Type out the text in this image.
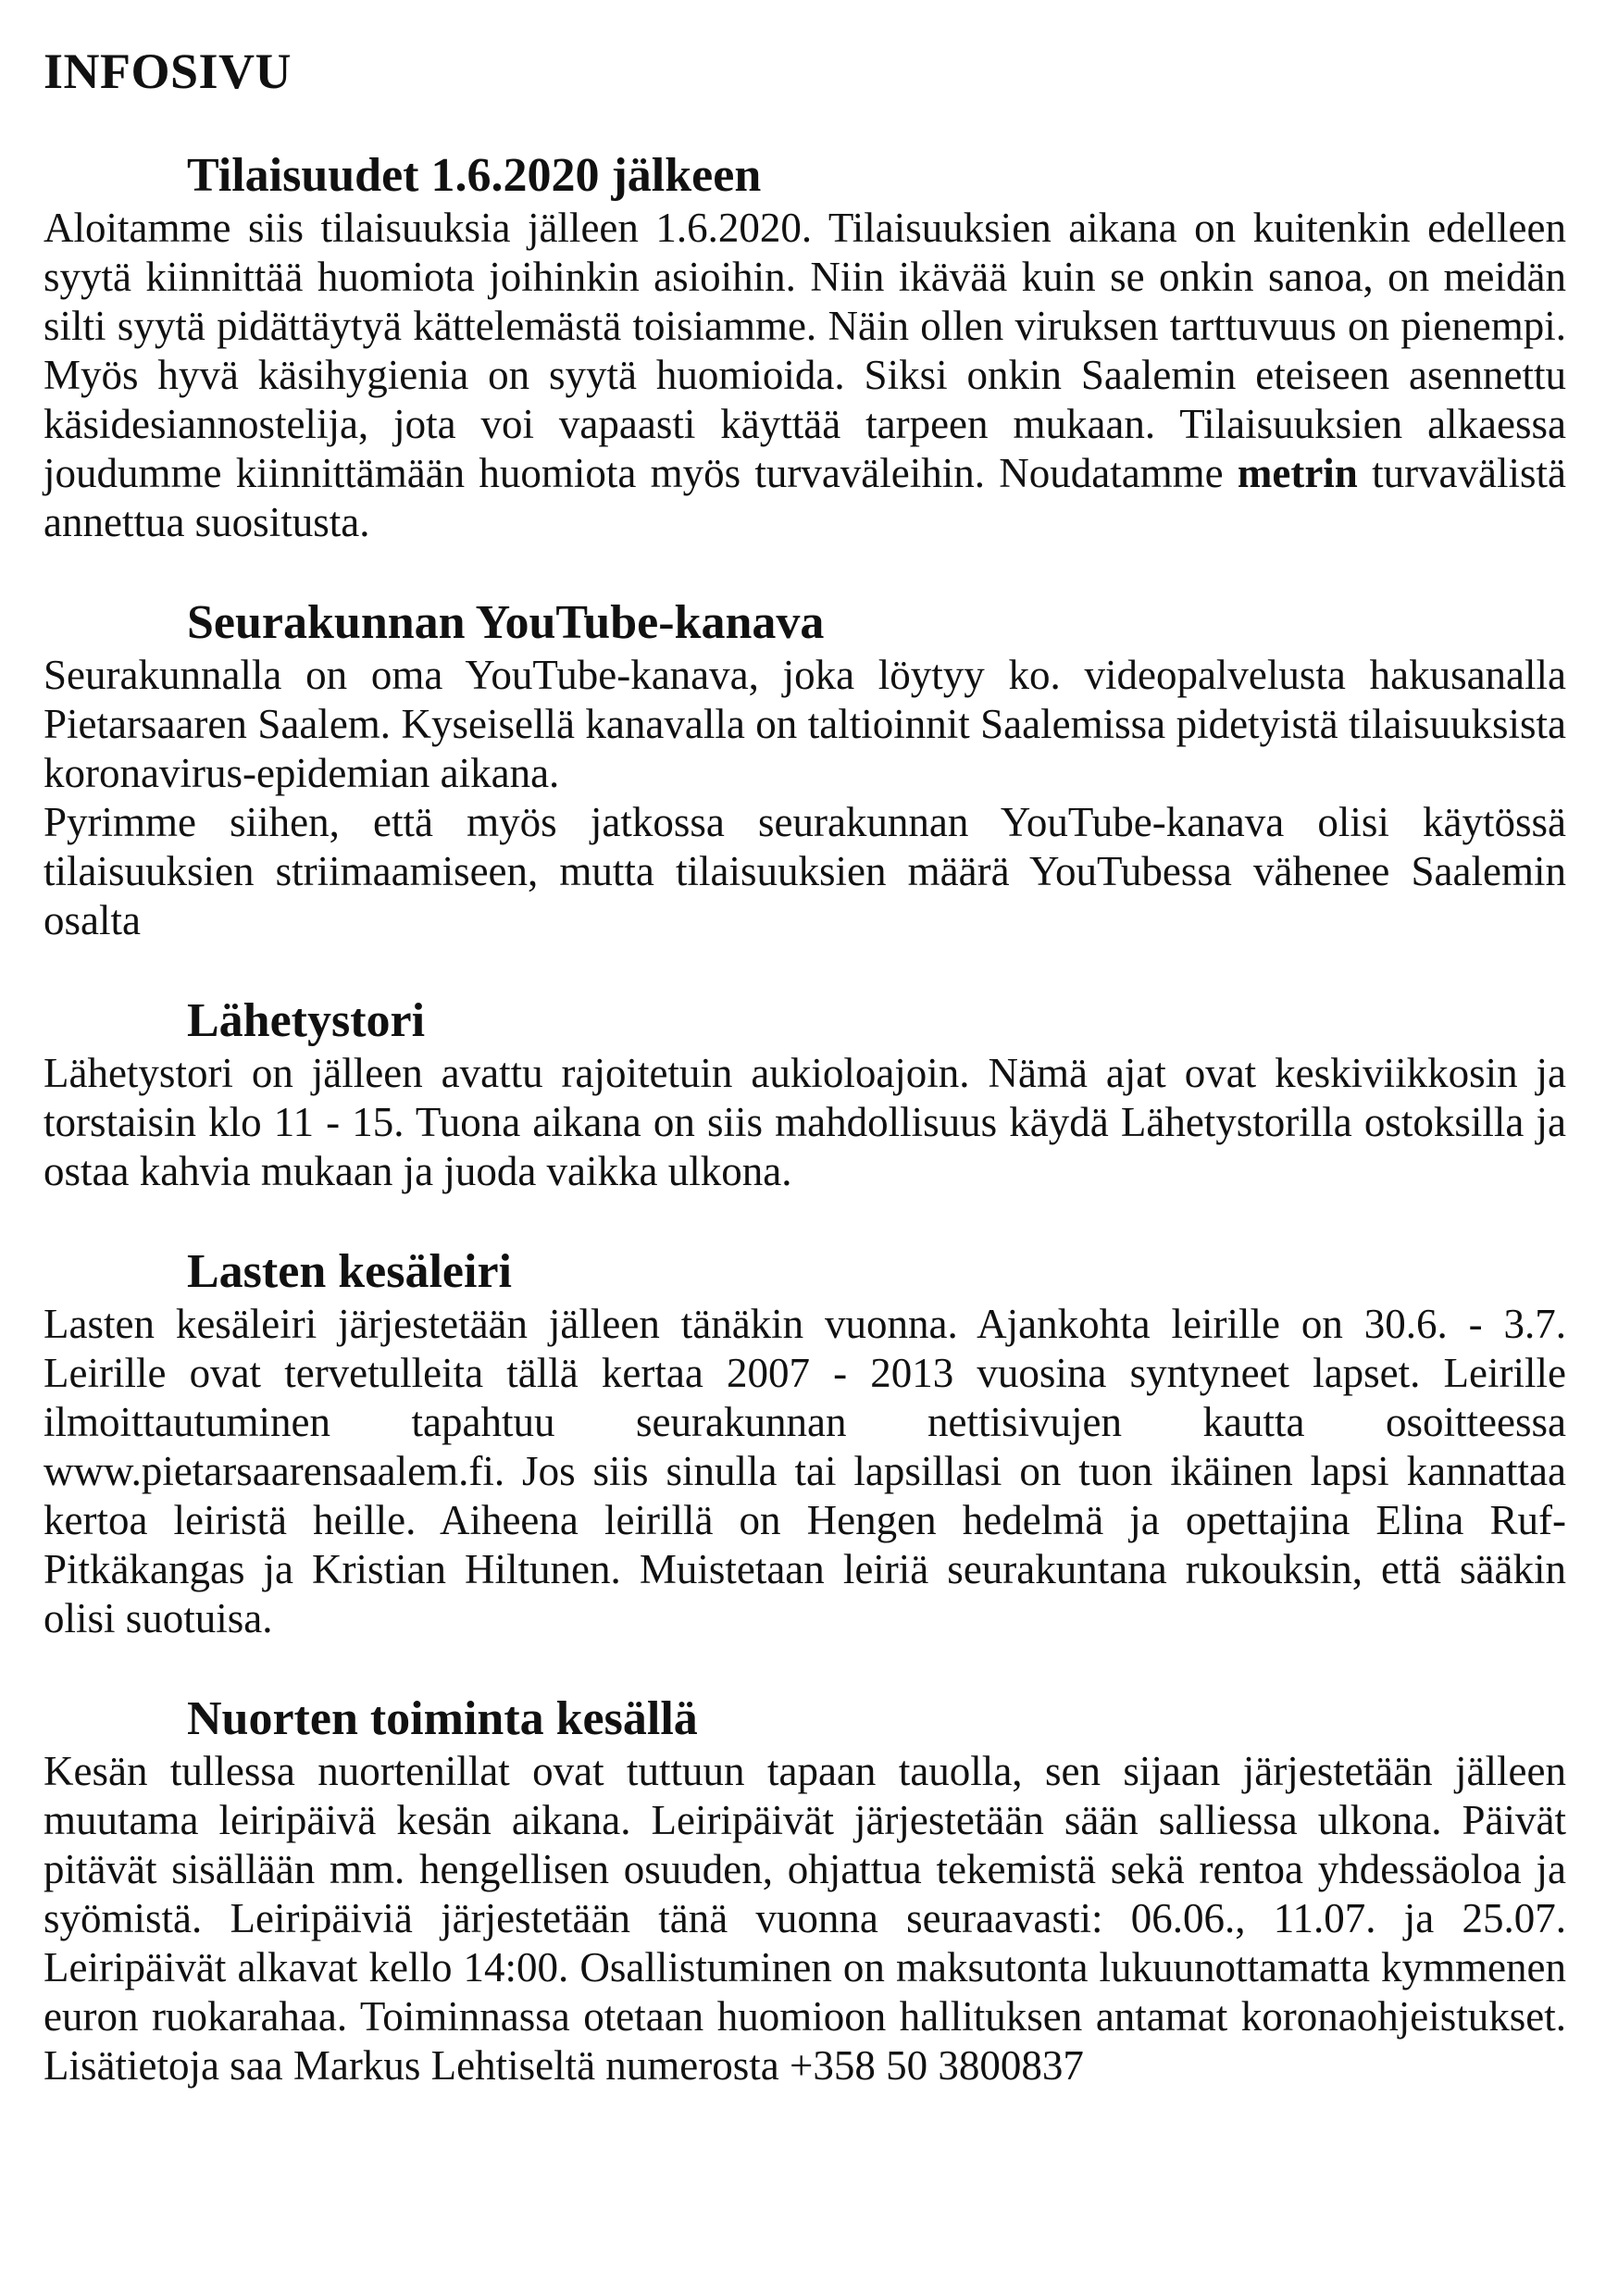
INFOSIVU
Tilaisuudet 1.6.2020 jälkeen

Aloitamme siis tilaisuuksia jälleen 1.6.2020. Tilaisuuksien aikana on kuitenkin edelleen syytä kiinnittää huomiota joihinkin asioihin. Niin ikävää kuin se onkin sanoa, on meidän silti syytä pidättäytyä kättelemästä toisiamme. Näin ollen viruksen tarttuvuus on pienempi. Myös hyvä käsihygienia on syytä huomioida. Siksi onkin Saalemin eteiseen asennettu käsidesiannostelija, jota voi vapaasti käyttää tarpeen mukaan. Tilaisuuksien alkaessa joudumme kiinnittämään huomiota myös turvaväleihin. Noudatamme metrin turvavälistä annettua suositusta.

Seurakunnan YouTube-kanava

Seurakunnalla on oma YouTube-kanava, joka löytyy ko. videopalvelusta hakusanalla Pietarsaaren Saalem. Kyseisellä kanavalla on taltioinnit Saalemissa pidetyistä tilaisuuksista koronavirus-epidemian aikana.

Pyrimme siihen, että myös jatkossa seurakunnan YouTube-kanava olisi käytössä tilaisuuksien striimaamiseen, mutta tilaisuuksien määrä YouTubessa vähenee Saalemin osalta

Lähetystori

Lähetystori on jälleen avattu rajoitetuin aukioloajoin. Nämä ajat ovat keskiviikkosin ja torstaisin klo 11 - 15. Tuona aikana on siis mahdollisuus käydä Lähetystorilla ostoksilla ja ostaa kahvia mukaan ja juoda vaikka ulkona.

Lasten kesäleiri

Lasten kesäleiri järjestetään jälleen tänäkin vuonna. Ajankohta leirille on 30.6. - 3.7. Leirille ovat tervetulleita tällä kertaa 2007 - 2013 vuosina syntyneet lapset. Leirille ilmoittautuminen tapahtuu seurakunnan nettisivujen kautta osoitteessa www.pietarsaarensaalem.fi. Jos siis sinulla tai lapsillasi on tuon ikäinen lapsi kannattaa kertoa leiristä heille. Aiheena leirillä on Hengen hedelmä ja opettajina Elina Ruf-Pitkäkangas ja Kristian Hiltunen. Muistetaan leiriä seurakuntana rukouksin, että sääkin olisi suotuisa.

Nuorten toiminta kesällä

Kesän tullessa nuortenillat ovat tuttuun tapaan tauolla, sen sijaan järjestetään jälleen muutama leiripäivä kesän aikana. Leiripäivät järjestetään sään salliessa ulkona. Päivät pitävät sisällään mm. hengellisen osuuden, ohjattua tekemistä sekä rentoa yhdessäoloa ja syömistä. Leiripäiviä järjestetään tänä vuonna seuraavasti: 06.06., 11.07. ja 25.07. Leiripäivät alkavat kello 14:00. Osallistuminen on maksutonta lukuunottamatta kymmenen euron ruokarahaa. Toiminnassa otetaan huomioon hallituksen antamat koronaohjeistukset. Lisätietoja saa Markus Lehtiseltä numerosta +358 50 3800837
